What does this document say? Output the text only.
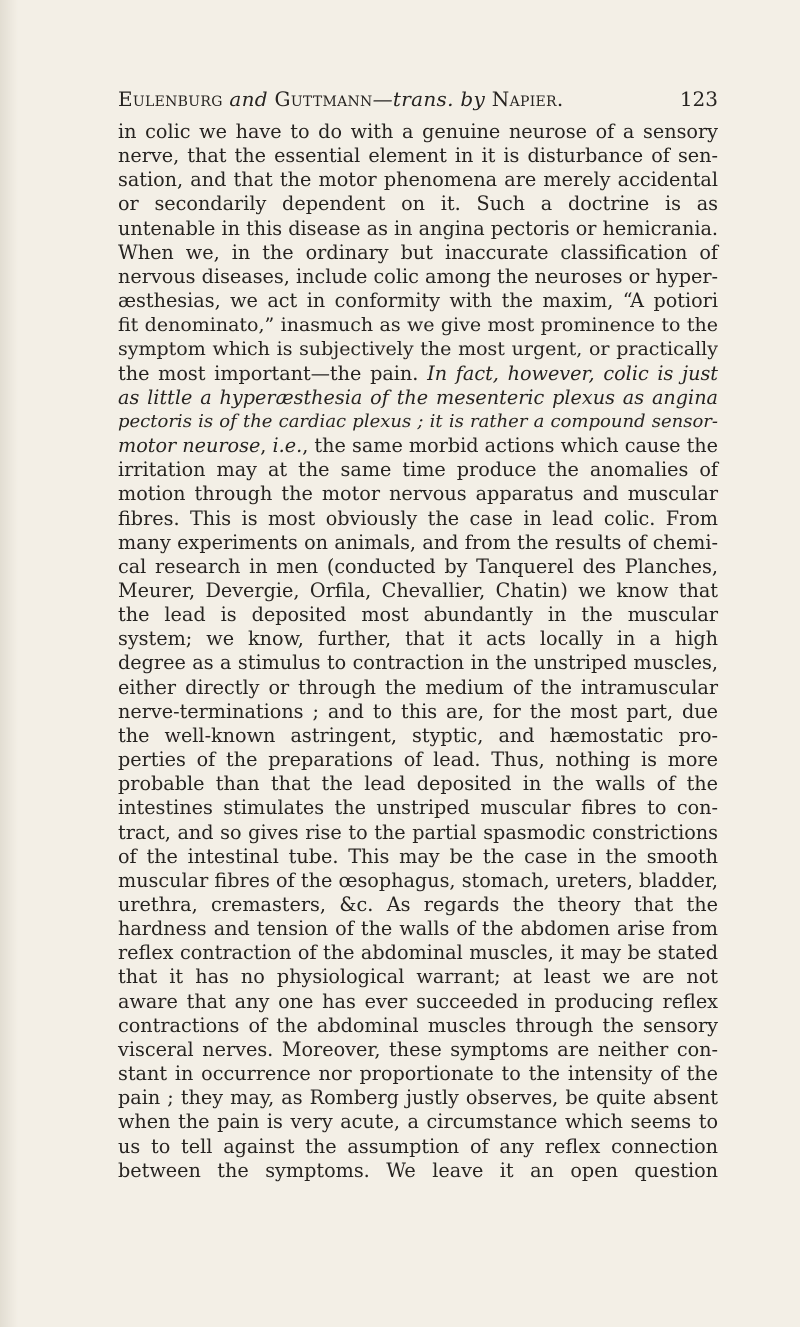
Eulenburg and Guttmann—trans. by Napier.	123
in colic we have to do with a genuine neurose of a sensory
nerve, that the essential element in it is disturbance of sen-
sation, and that the motor phenomena are merely accidental
or secondarily dependent on it. Such a doctrine is as
untenable in this disease as in angina pectoris or hemicrania.
When we, in the ordinary but inaccurate classification of
nervous diseases, include colic among the neuroses or hyper-
æsthesias, we act in conformity with the maxim, “A potiori
fit denominato,” inasmuch as we give most prominence to the
symptom which is subjectively the most urgent, or practically
the most important—the pain. In fact, however, colic is just
as little a hyperæsthesia of the mesenteric plexus as angina
pectoris is of the cardiac plexus ; it is rather a compound sensor-
motor neurose, i.e., the same morbid actions which cause the
irritation may at the same time produce the anomalies of
motion through the motor nervous apparatus and muscular
fibres. This is most obviously the case in lead colic. From
many experiments on animals, and from the results of chemi-
cal research in men (conducted by Tanquerel des Planches,
Meurer, Devergie, Orfila, Chevallier, Chatin) we know that
the lead is deposited most abundantly in the muscular
system; we know, further, that it acts locally in a high
degree as a stimulus to contraction in the unstriped muscles,
either directly or through the medium of the intramuscular
nerve-terminations ; and to this are, for the most part, due
the well-known astringent, styptic, and hæmostatic pro-
perties of the preparations of lead. Thus, nothing is more
probable than that the lead deposited in the walls of the
intestines stimulates the unstriped muscular fibres to con-
tract, and so gives rise to the partial spasmodic constrictions
of the intestinal tube. This may be the case in the smooth
muscular fibres of the œsophagus, stomach, ureters, bladder,
urethra, cremasters, &c. As regards the theory that the
hardness and tension of the walls of the abdomen arise from
reflex contraction of the abdominal muscles, it may be stated
that it has no physiological warrant; at least we are not
aware that any one has ever succeeded in producing reflex
contractions of the abdominal muscles through the sensory
visceral nerves. Moreover, these symptoms are neither con-
stant in occurrence nor proportionate to the intensity of the
pain ; they may, as Romberg justly observes, be quite absent
when the pain is very acute, a circumstance which seems to
us to tell against the assumption of any reflex connection
between the symptoms. We leave it an open question
